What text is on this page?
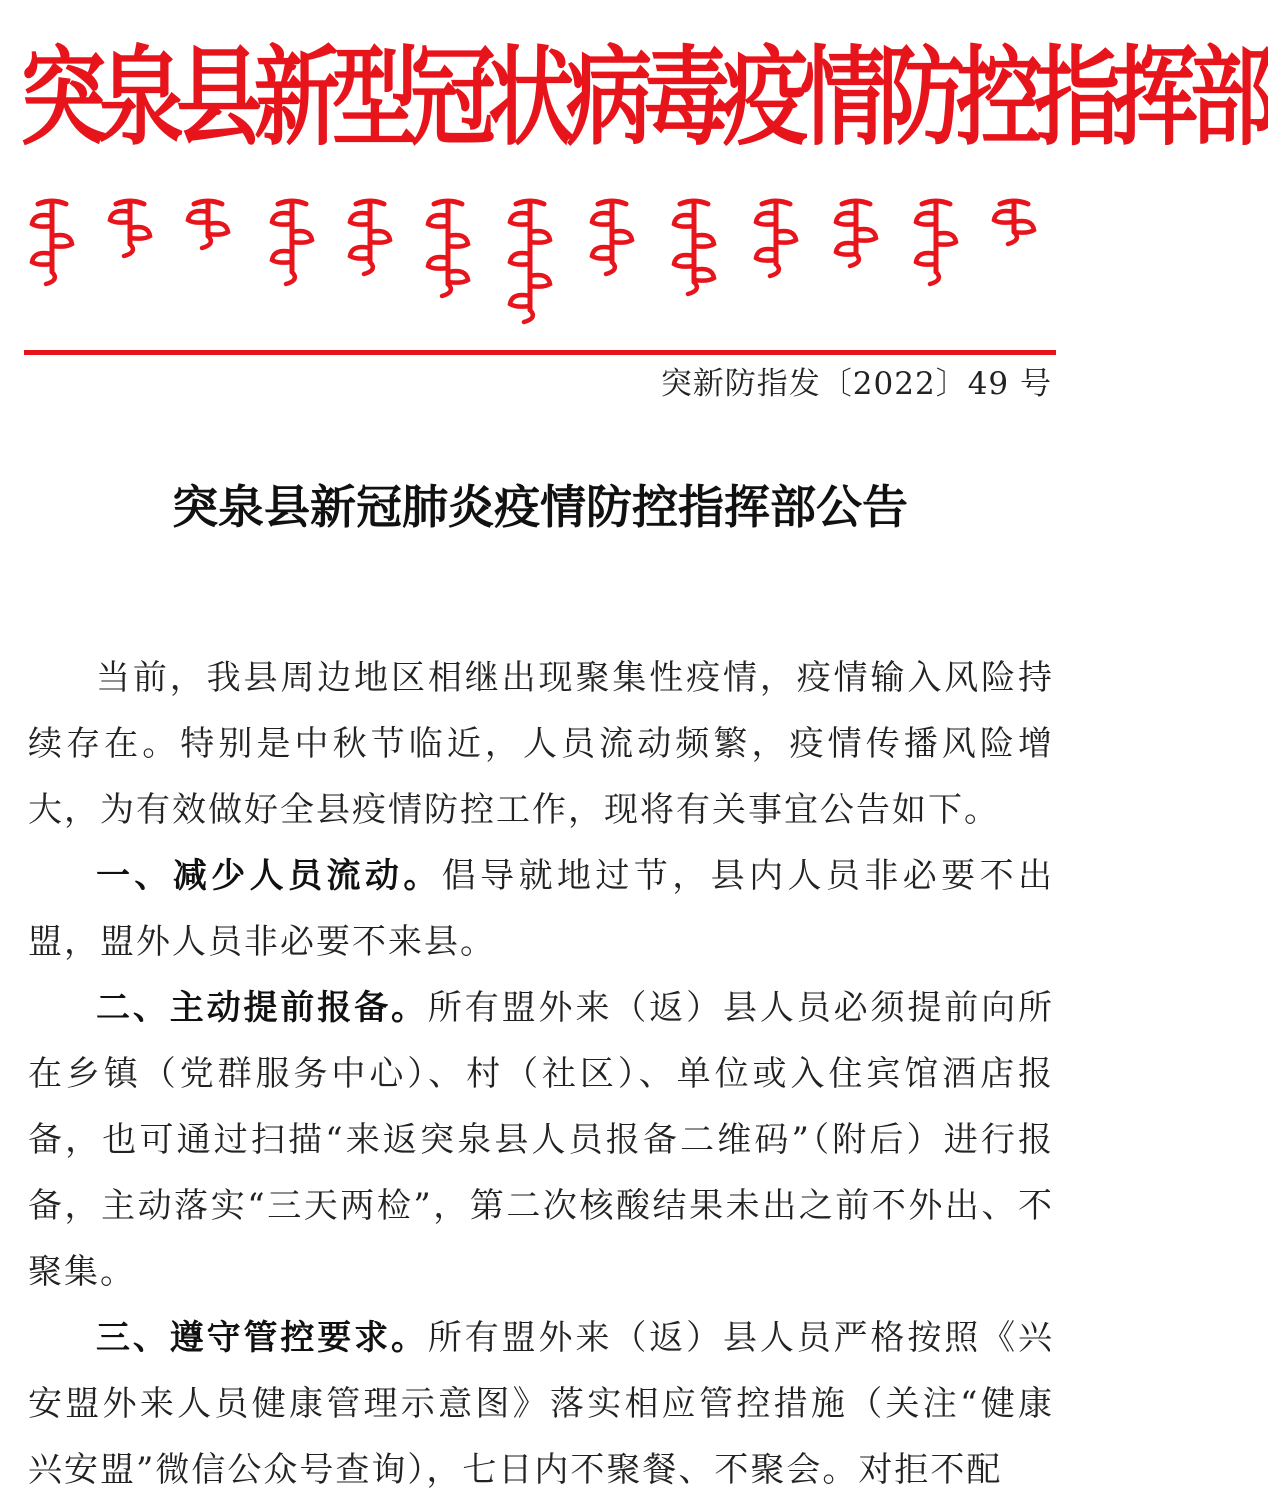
突泉县新型冠状病毒疫情防控指挥部
突新防指发〔2022〕49 号
突泉县新冠肺炎疫情防控指挥部公告

当前，我县周边地区相继出现聚集性疫情，疫情输入风险持续存在。特别是中秋节临近，人员流动频繁，疫情传播风险增大，为有效做好全县疫情防控工作，现将有关事宜公告如下。

一、减少人员流动。倡导就地过节，县内人员非必要不出盟，盟外人员非必要不来县。

二、主动提前报备。所有盟外来（返）县人员必须提前向所在乡镇（党群服务中心）、村（社区）、单位或入住宾馆酒店报备，也可通过扫描“来返突泉县人员报备二维码”（附后）进行报备，主动落实“三天两检”，第二次核酸结果未出之前不外出、不聚集。

三、遵守管控要求。所有盟外来（返）县人员严格按照《兴安盟外来人员健康管理示意图》落实相应管控措施（关注“健康兴安盟”微信公众号查询），七日内不聚餐、不聚会。对拒不配
